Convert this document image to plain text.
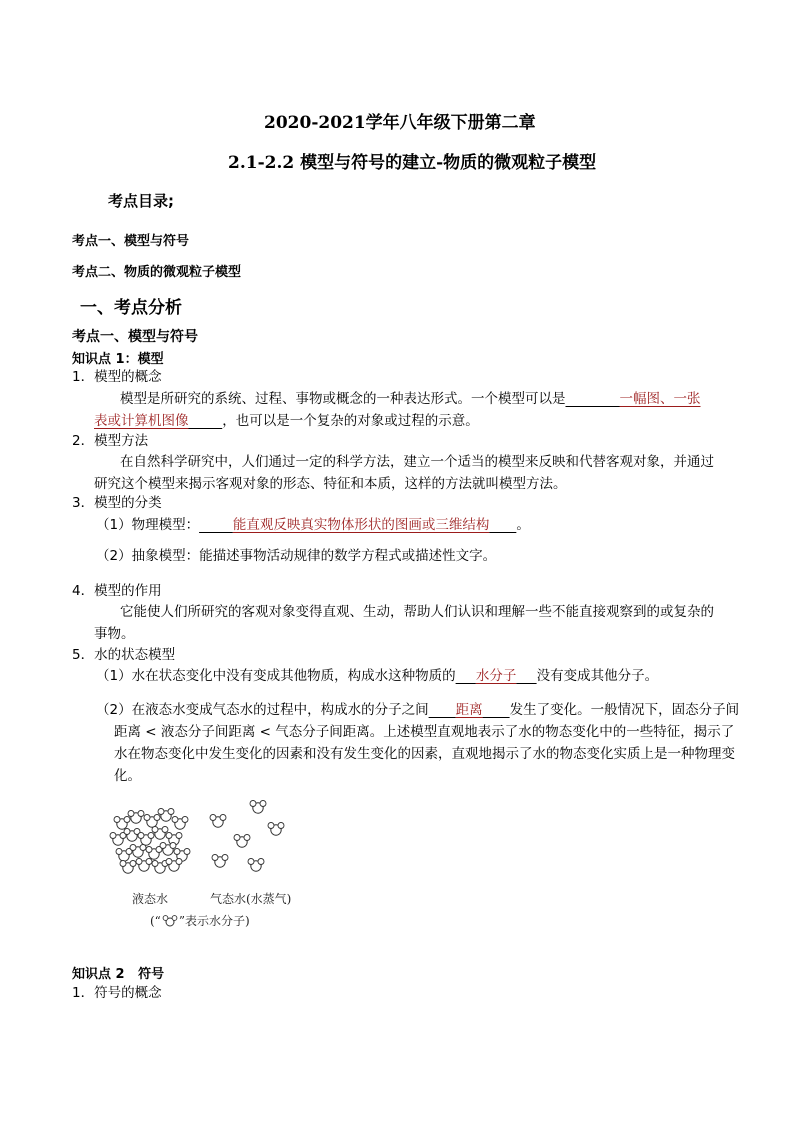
2020-2021学年八年级下册第二章
2.1-2.2 模型与符号的建立-物质的微观粒子模型
考点目录;
考点一、模型与符号
考点二、物质的微观粒子模型
一、考点分析
考点一、模型与符号
知识点 1：模型
1．模型的概念
模型是所研究的系统、过程、事物或概念的一种表达形式。一个模型可以是    	一幅图、一张
表或计算机图像   	，也可以是一个复杂的对象或过程的示意。
2．模型方法
在自然科学研究中，人们通过一定的科学方法，建立一个适当的模型来反映和代替客观对象，并通过研究这个模型来揭示客观对象的形态、特征和本质，这样的方法就叫模型方法。
3．模型的分类
（1）物理模型：   	能直观反映真实物体形状的图画或三维结构   。
（2）抽象模型：能描述事物活动规律的数学方程式或描述性文字。
4．模型的作用
它能使人们所研究的客观对象变得直观、生动，帮助人们认识和理解一些不能直接观察到的或复杂的事物。
5．水的状态模型
（1）水在状态变化中没有变成其他物质，构成水这种物质的   水分子   没有变成其他分子。
（2）在液态水变成气态水的过程中，构成水的分子之间   距离   发生了变化。一般情况下，固态分子间距离 < 液态分子间距离 < 气态分子间距离。上述模型直观地表示了水的物态变化中的一些特征，揭示了水在物态变化中发生变化的因素和没有发生变化的因素，直观地揭示了水的物态变化实质上是一种物理变化。
液态水	气态水(水蒸气)
(“ ”表示水分子)
知识点 2   符号
1．符号的概念
